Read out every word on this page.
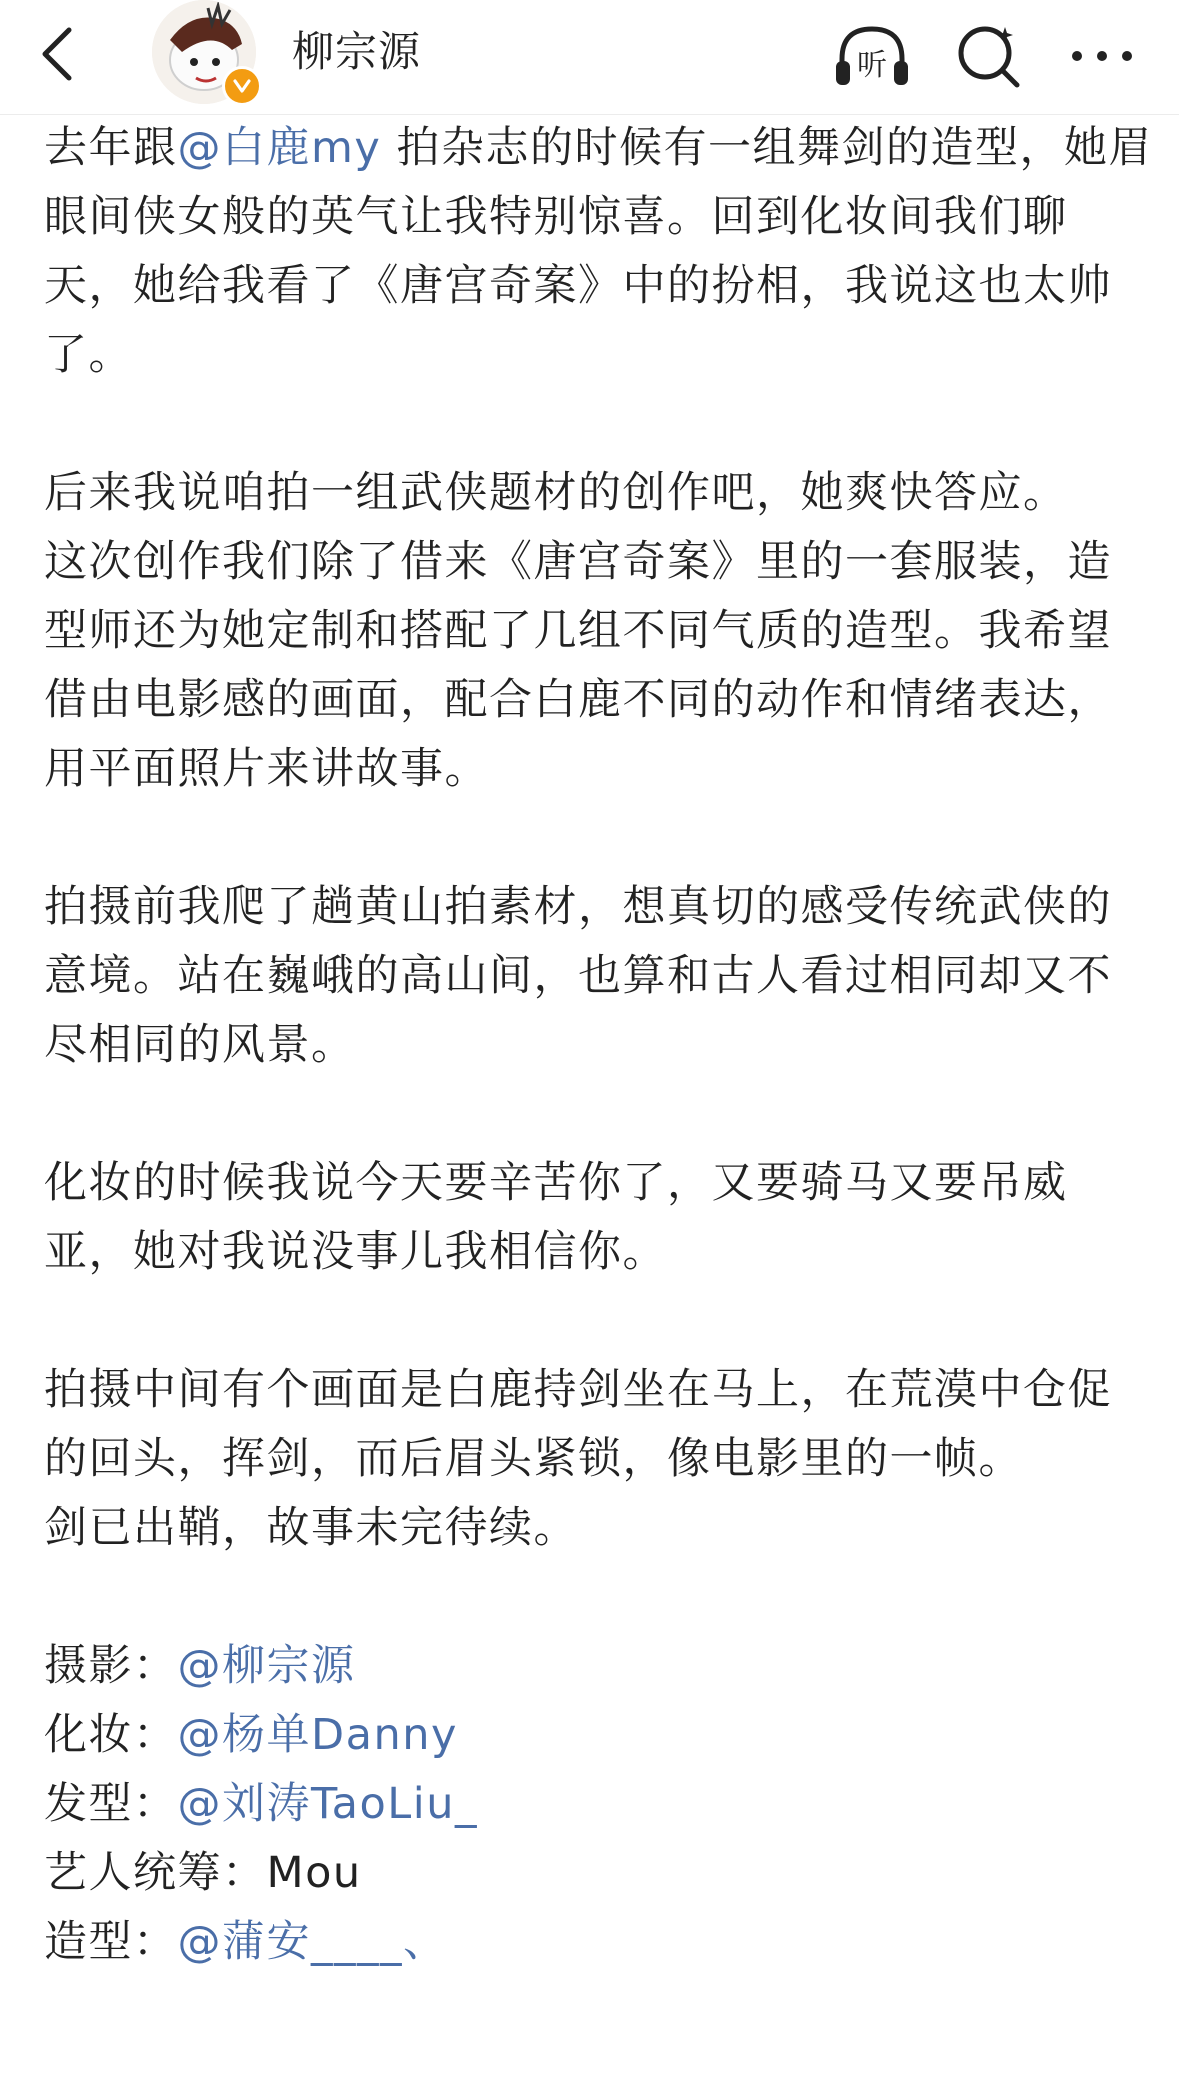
柳宗源	听

去年跟@白鹿my 拍杂志的时候有一组舞剑的造型，她眉眼间侠女般的英气让我特别惊喜。回到化妆间我们聊天，她给我看了《唐宫奇案》中的扮相，我说这也太帅了。

后来我说咱拍一组武侠题材的创作吧，她爽快答应。

这次创作我们除了借来《唐宫奇案》里的一套服装，造型师还为她定制和搭配了几组不同气质的造型。我希望借由电影感的画面，配合白鹿不同的动作和情绪表达，用平面照片来讲故事。

拍摄前我爬了趟黄山拍素材，想真切的感受传统武侠的意境。站在巍峨的高山间，也算和古人看过相同却又不尽相同的风景。

化妆的时候我说今天要辛苦你了，又要骑马又要吊威亚，她对我说没事儿我相信你。

拍摄中间有个画面是白鹿持剑坐在马上，在荒漠中仓促的回头，挥剑，而后眉头紧锁，像电影里的一帧。

剑已出鞘，故事未完待续。

摄影：@柳宗源
化妆：@杨单Danny
发型：@刘涛TaoLiu_
艺人统筹：Mou
造型：@蒲安____、
